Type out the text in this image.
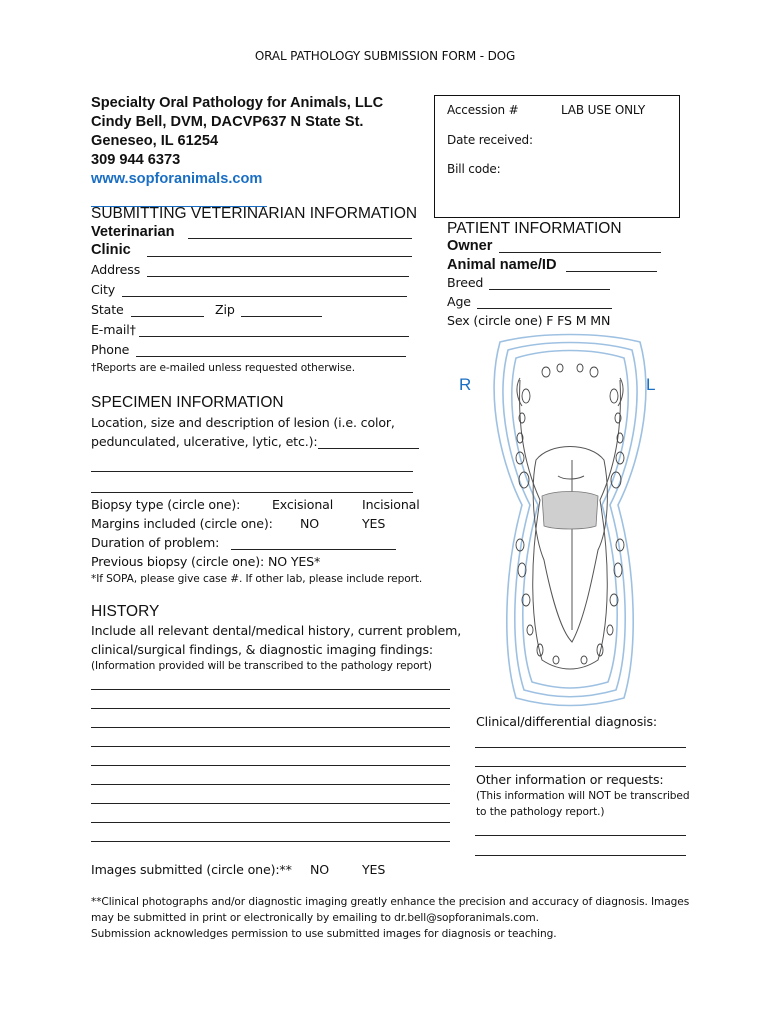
ORAL PATHOLOGY SUBMISSION FORM - DOG
Specialty Oral Pathology for Animals, LLC
Cindy Bell, DVM, DACVP637 N State St.
Geneseo, IL 61254
309 944 6373
www.sopforanimals.com
Accession #	LAB USE ONLY
Date received:
Bill code:
SUBMITTING VETERINARIAN INFORMATION
Veterinarian
Clinic
Address
City
State	Zip
E-mail†
Phone
†Reports are e-mailed unless requested otherwise.
PATIENT INFORMATION
Owner
Animal name/ID
Breed
Age
Sex (circle one) F FS M MN
R	L
SPECIMEN INFORMATION
Location, size and description of lesion (i.e. color,
pedunculated, ulcerative, lytic, etc.):
Biopsy type (circle one):	Excisional Incisional
Margins included (circle one): NO	YES
Duration of problem:
Previous biopsy (circle one): NO YES*
*If SOPA, please give case #. If other lab, please include report.
HISTORY
Include all relevant dental/medical history, current problem,
clinical/surgical findings, & diagnostic imaging findings:
(Information provided will be transcribed to the pathology report)
Clinical/differential diagnosis:
Other information or requests:
(This information will NOT be transcribed
to the pathology report.)
Images submitted (circle one):** NO	YES
**Clinical photographs and/or diagnostic imaging greatly enhance the precision and accuracy of diagnosis. Images
may be submitted in print or electronically by emailing to dr.bell@sopforanimals.com.
Submission acknowledges permission to use submitted images for diagnosis or teaching.
